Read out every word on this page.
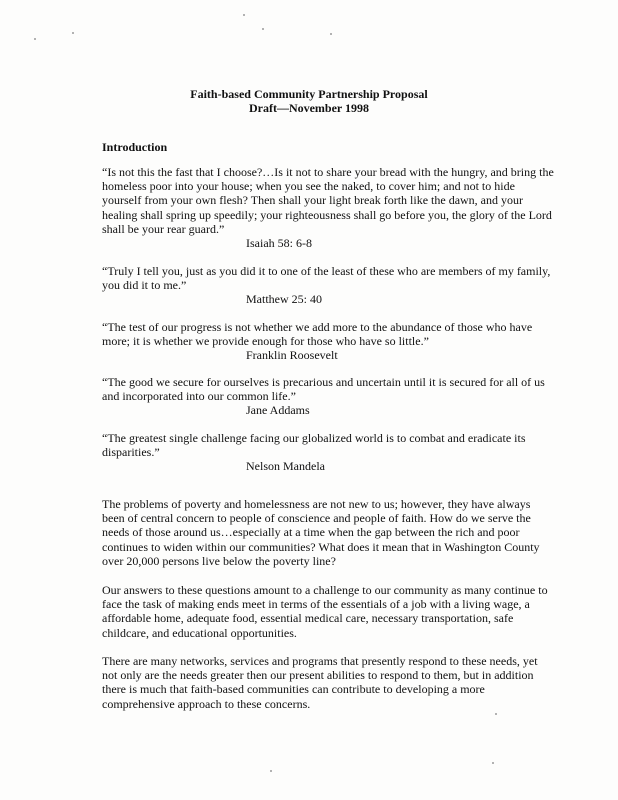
Faith-based Community Partnership Proposal
Draft—November 1998
Introduction

“Is not this the fast that I choose?…Is it not to share your bread with the hungry, and bring the homeless poor into your house; when you see the naked, to cover him; and not to hide yourself from your own flesh? Then shall your light break forth like the dawn, and your healing shall spring up speedily; your righteousness shall go before you, the glory of the Lord shall be your rear guard.”

Isaiah 58: 6-8

“Truly I tell you, just as you did it to one of the least of these who are members of my family, you did it to me.”

Matthew 25: 40

“The test of our progress is not whether we add more to the abundance of those who have more; it is whether we provide enough for those who have so little.”

Franklin Roosevelt

“The good we secure for ourselves is precarious and uncertain until it is secured for all of us and incorporated into our common life.”

Jane Addams

“The greatest single challenge facing our globalized world is to combat and eradicate its disparities.”

Nelson Mandela

The problems of poverty and homelessness are not new to us; however, they have always been of central concern to people of conscience and people of faith. How do we serve the needs of those around us…especially at a time when the gap between the rich and poor continues to widen within our communities? What does it mean that in Washington County over 20,000 persons live below the poverty line?

Our answers to these questions amount to a challenge to our community as many continue to face the task of making ends meet in terms of the essentials of a job with a living wage, a affordable home, adequate food, essential medical care, necessary transportation, safe childcare, and educational opportunities.

There are many networks, services and programs that presently respond to these needs, yet not only are the needs greater then our present abilities to respond to them, but in addition there is much that faith-based communities can contribute to developing a more comprehensive approach to these concerns.
